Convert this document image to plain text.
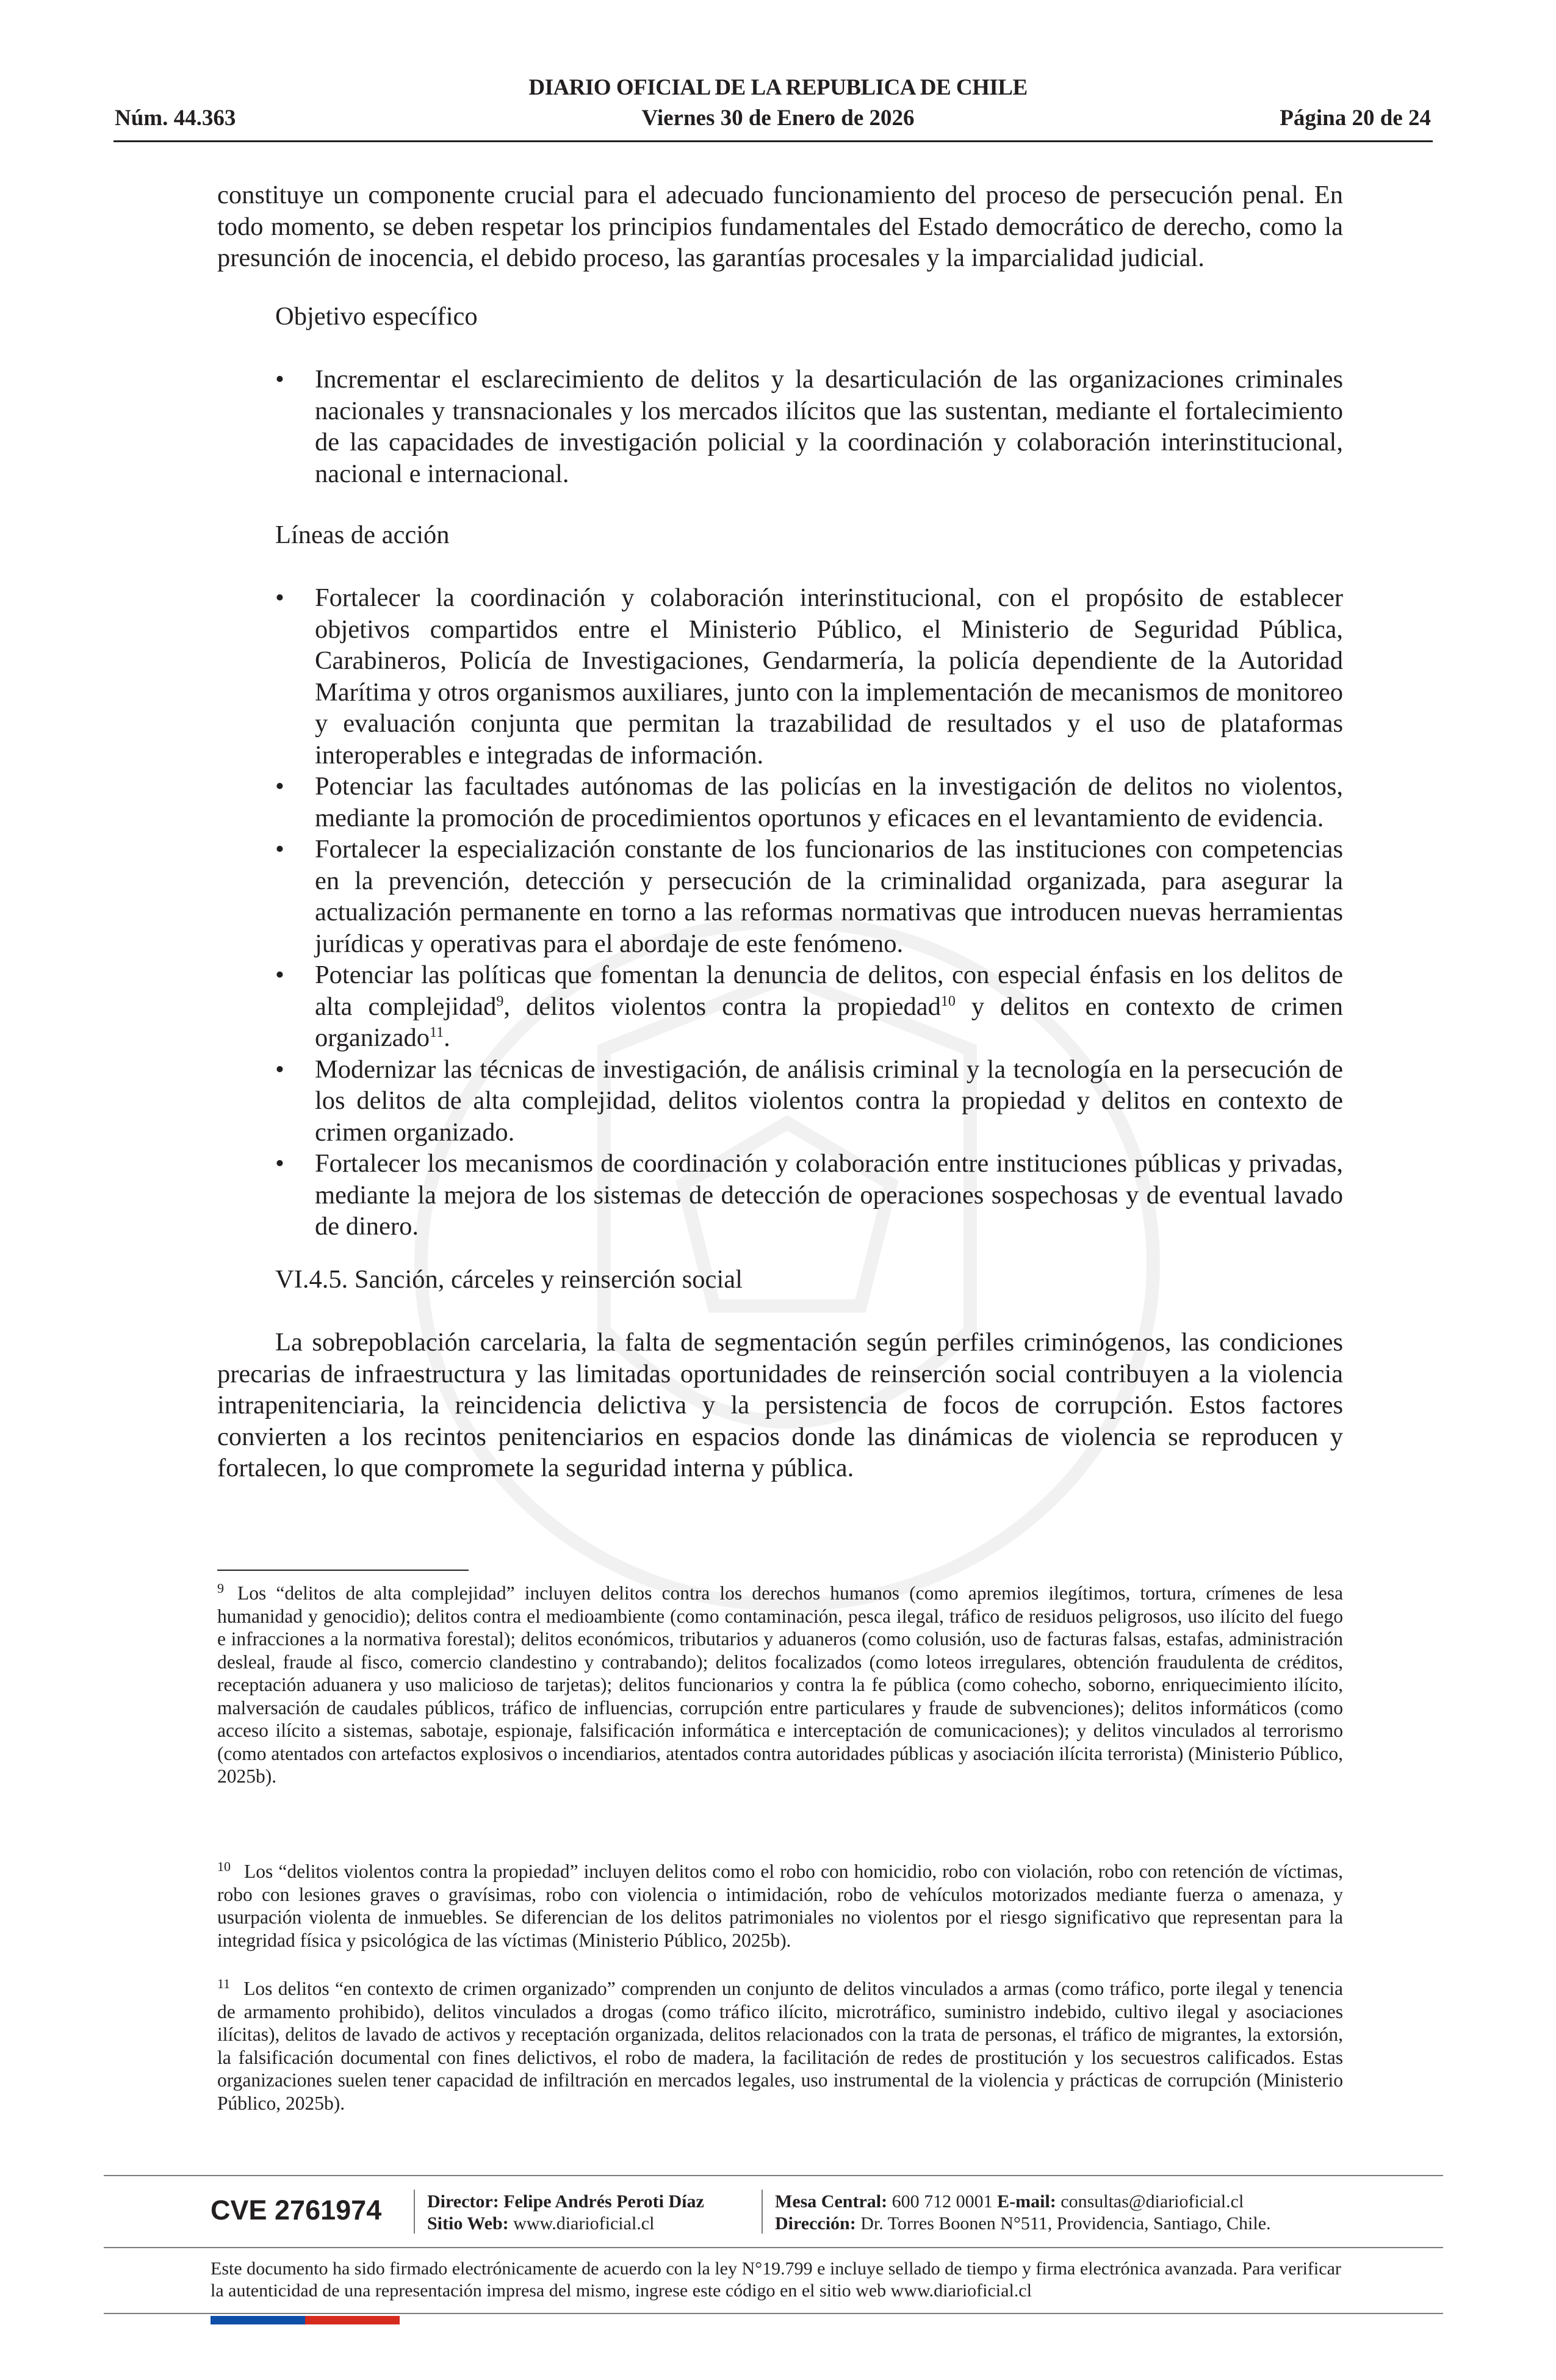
DIARIO OFICIAL DE LA REPUBLICA DE CHILE
Núm. 44.363	Viernes 30 de Enero de 2026	Página 20 de 24

constituye un componente crucial para el adecuado funcionamiento del proceso de persecución penal. En todo momento, se deben respetar los principios fundamentales del Estado democrático de derecho, como la presunción de inocencia, el debido proceso, las garantías procesales y la imparcialidad judicial.

Objetivo específico

• Incrementar el esclarecimiento de delitos y la desarticulación de las organizaciones criminales nacionales y transnacionales y los mercados ilícitos que las sustentan, mediante el fortalecimiento de las capacidades de investigación policial y la coordinación y colaboración interinstitucional, nacional e internacional.

Líneas de acción

• Fortalecer la coordinación y colaboración interinstitucional, con el propósito de establecer objetivos compartidos entre el Ministerio Público, el Ministerio de Seguridad Pública, Carabineros, Policía de Investigaciones, Gendarmería, la policía dependiente de la Autoridad Marítima y otros organismos auxiliares, junto con la implementación de mecanismos de monitoreo y evaluación conjunta que permitan la trazabilidad de resultados y el uso de plataformas interoperables e integradas de información.
• Potenciar las facultades autónomas de las policías en la investigación de delitos no violentos, mediante la promoción de procedimientos oportunos y eficaces en el levantamiento de evidencia.
• Fortalecer la especialización constante de los funcionarios de las instituciones con competencias en la prevención, detección y persecución de la criminalidad organizada, para asegurar la actualización permanente en torno a las reformas normativas que introducen nuevas herramientas jurídicas y operativas para el abordaje de este fenómeno.
• Potenciar las políticas que fomentan la denuncia de delitos, con especial énfasis en los delitos de alta complejidad$^9$, delitos violentos contra la propiedad$^{10}$ y delitos en contexto de crimen organizado$^{11}$.
• Modernizar las técnicas de investigación, de análisis criminal y la tecnología en la persecución de los delitos de alta complejidad, delitos violentos contra la propiedad y delitos en contexto de crimen organizado.
• Fortalecer los mecanismos de coordinación y colaboración entre instituciones públicas y privadas, mediante la mejora de los sistemas de detección de operaciones sospechosas y de eventual lavado de dinero.

VI.4.5. Sanción, cárceles y reinserción social

La sobrepoblación carcelaria, la falta de segmentación según perfiles criminógenos, las condiciones precarias de infraestructura y las limitadas oportunidades de reinserción social contribuyen a la violencia intrapenitenciaria, la reincidencia delictiva y la persistencia de focos de corrupción. Estos factores convierten a los recintos penitenciarios en espacios donde las dinámicas de violencia se reproducen y fortalecen, lo que compromete la seguridad interna y pública.

$^9$ Los “delitos de alta complejidad” incluyen delitos contra los derechos humanos (como apremios ilegítimos, tortura, crímenes de lesa humanidad y genocidio); delitos contra el medioambiente (como contaminación, pesca ilegal, tráfico de residuos peligrosos, uso ilícito del fuego e infracciones a la normativa forestal); delitos económicos, tributarios y aduaneros (como colusión, uso de facturas falsas, estafas, administración desleal, fraude al fisco, comercio clandestino y contrabando); delitos focalizados (como loteos irregulares, obtención fraudulenta de créditos, receptación aduanera y uso malicioso de tarjetas); delitos funcionarios y contra la fe pública (como cohecho, soborno, enriquecimiento ilícito, malversación de caudales públicos, tráfico de influencias, corrupción entre particulares y fraude de subvenciones); delitos informáticos (como acceso ilícito a sistemas, sabotaje, espionaje, falsificación informática e interceptación de comunicaciones); y delitos vinculados al terrorismo (como atentados con artefactos explosivos o incendiarios, atentados contra autoridades públicas y asociación ilícita terrorista) (Ministerio Público, 2025b).

$^{10}$ Los “delitos violentos contra la propiedad” incluyen delitos como el robo con homicidio, robo con violación, robo con retención de víctimas, robo con lesiones graves o gravísimas, robo con violencia o intimidación, robo de vehículos motorizados mediante fuerza o amenaza, y usurpación violenta de inmuebles. Se diferencian de los delitos patrimoniales no violentos por el riesgo significativo que representan para la integridad física y psicológica de las víctimas (Ministerio Público, 2025b).

$^{11}$ Los delitos “en contexto de crimen organizado” comprenden un conjunto de delitos vinculados a armas (como tráfico, porte ilegal y tenencia de armamento prohibido), delitos vinculados a drogas (como tráfico ilícito, microtráfico, suministro indebido, cultivo ilegal y asociaciones ilícitas), delitos de lavado de activos y receptación organizada, delitos relacionados con la trata de personas, el tráfico de migrantes, la extorsión, la falsificación documental con fines delictivos, el robo de madera, la facilitación de redes de prostitución y los secuestros calificados. Estas organizaciones suelen tener capacidad de infiltración en mercados legales, uso instrumental de la violencia y prácticas de corrupción (Ministerio Público, 2025b).

CVE 2761974 Director: Felipe Andrés Peroti Díaz
Sitio Web: www.diarioficial.cl
Mesa Central: 600 712 0001 E-mail: consultas@diarioficial.cl
Dirección: Dr. Torres Boonen N°511, Providencia, Santiago, Chile.
Este documento ha sido firmado electrónicamente de acuerdo con la ley N°19.799 e incluye sellado de tiempo y firma electrónica avanzada. Para verificar la autenticidad de una representación impresa del mismo, ingrese este código en el sitio web www.diarioficial.cl
